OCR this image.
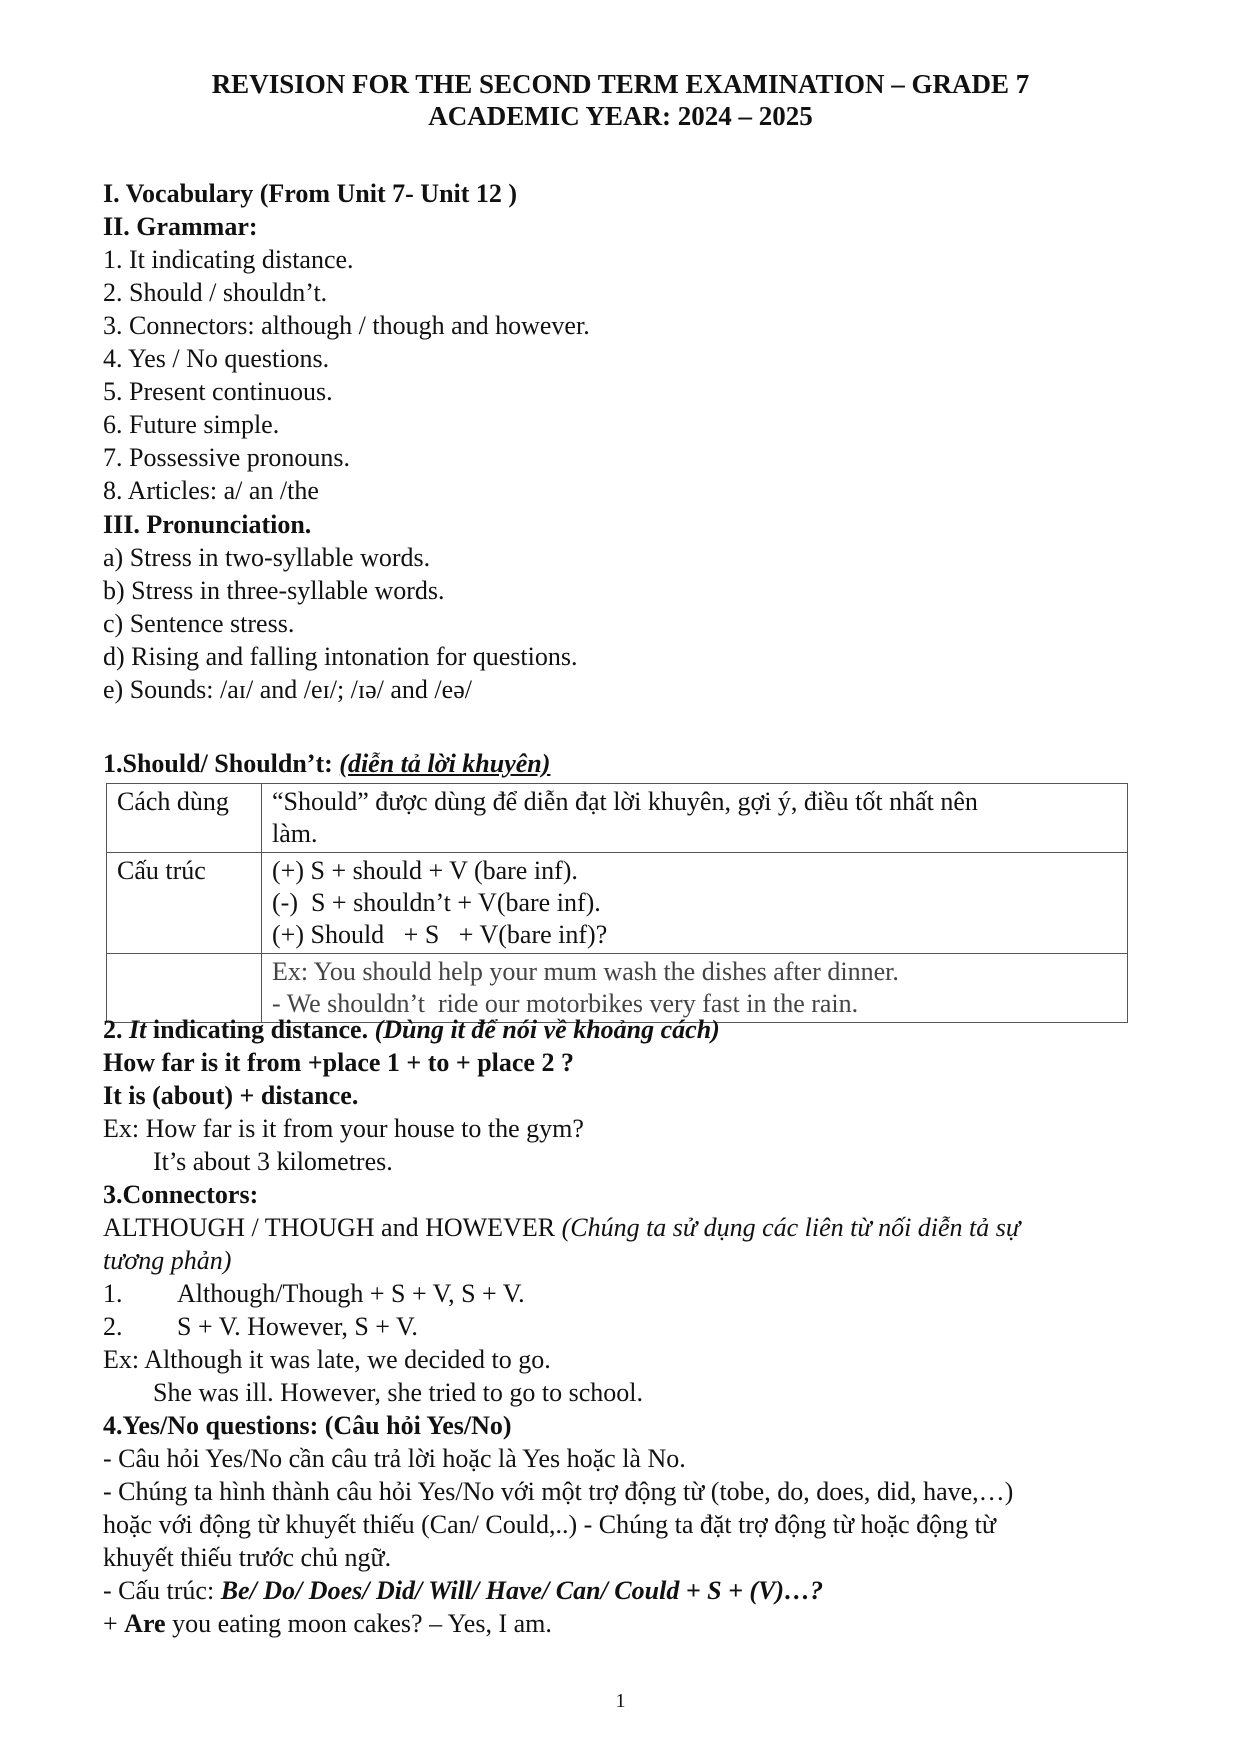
REVISION FOR THE SECOND TERM EXAMINATION – GRADE 7
ACADEMIC YEAR: 2024 – 2025
I. Vocabulary (From Unit 7- Unit 12 )
II. Grammar:
1. It indicating distance.
2. Should / shouldn’t.
3. Connectors: although / though and however.
4. Yes / No questions.
5. Present continuous.
6. Future simple.
7. Possessive pronouns.
8. Articles: a/ an /the
III. Pronunciation.
a) Stress in two-syllable words.
b) Stress in three-syllable words.
c) Sentence stress.
d) Rising and falling intonation for questions.
e) Sounds: /aɪ/ and /eɪ/; /ɪə/ and /eə/
1.Should/ Shouldn’t: (diễn tả lời khuyên)
Cách dùng	“Should” được dùng để diễn đạt lời khuyên, gợi ý, điều tốt nhất nên
làm.

Cấu trúc	(+) S + should + V (bare inf).
(-)  S + shouldn’t + V(bare inf).
(+) Should   + S   + V(bare inf)?

	Ex: You should help your mum wash the dishes after dinner.
- We shouldn’t  ride our motorbikes very fast in the rain.
2. It indicating distance. (Dùng it để nói về khoảng cách)
How far is it from +place 1 + to + place 2 ?
It is (about) + distance.
Ex: How far is it from your house to the gym?
It’s about 3 kilometres.
3.Connectors:
ALTHOUGH / THOUGH and HOWEVER (Chúng ta sử dụng các liên từ nối diễn tả sự
tương phản)
1. Although/Though + S + V, S + V.
2. S + V. However, S + V.
Ex: Although it was late, we decided to go.
She was ill. However, she tried to go to school.
4.Yes/No questions: (Câu hỏi Yes/No)
- Câu hỏi Yes/No cần câu trả lời hoặc là Yes hoặc là No.
- Chúng ta hình thành câu hỏi Yes/No với một trợ động từ (tobe, do, does, did, have,…)
hoặc với động từ khuyết thiếu (Can/ Could,..) - Chúng ta đặt trợ động từ hoặc động từ
khuyết thiếu trước chủ ngữ.
- Cấu trúc: Be/ Do/ Does/ Did/ Will/ Have/ Can/ Could + S + (V)…?
+ Are you eating moon cakes? – Yes, I am.
1
